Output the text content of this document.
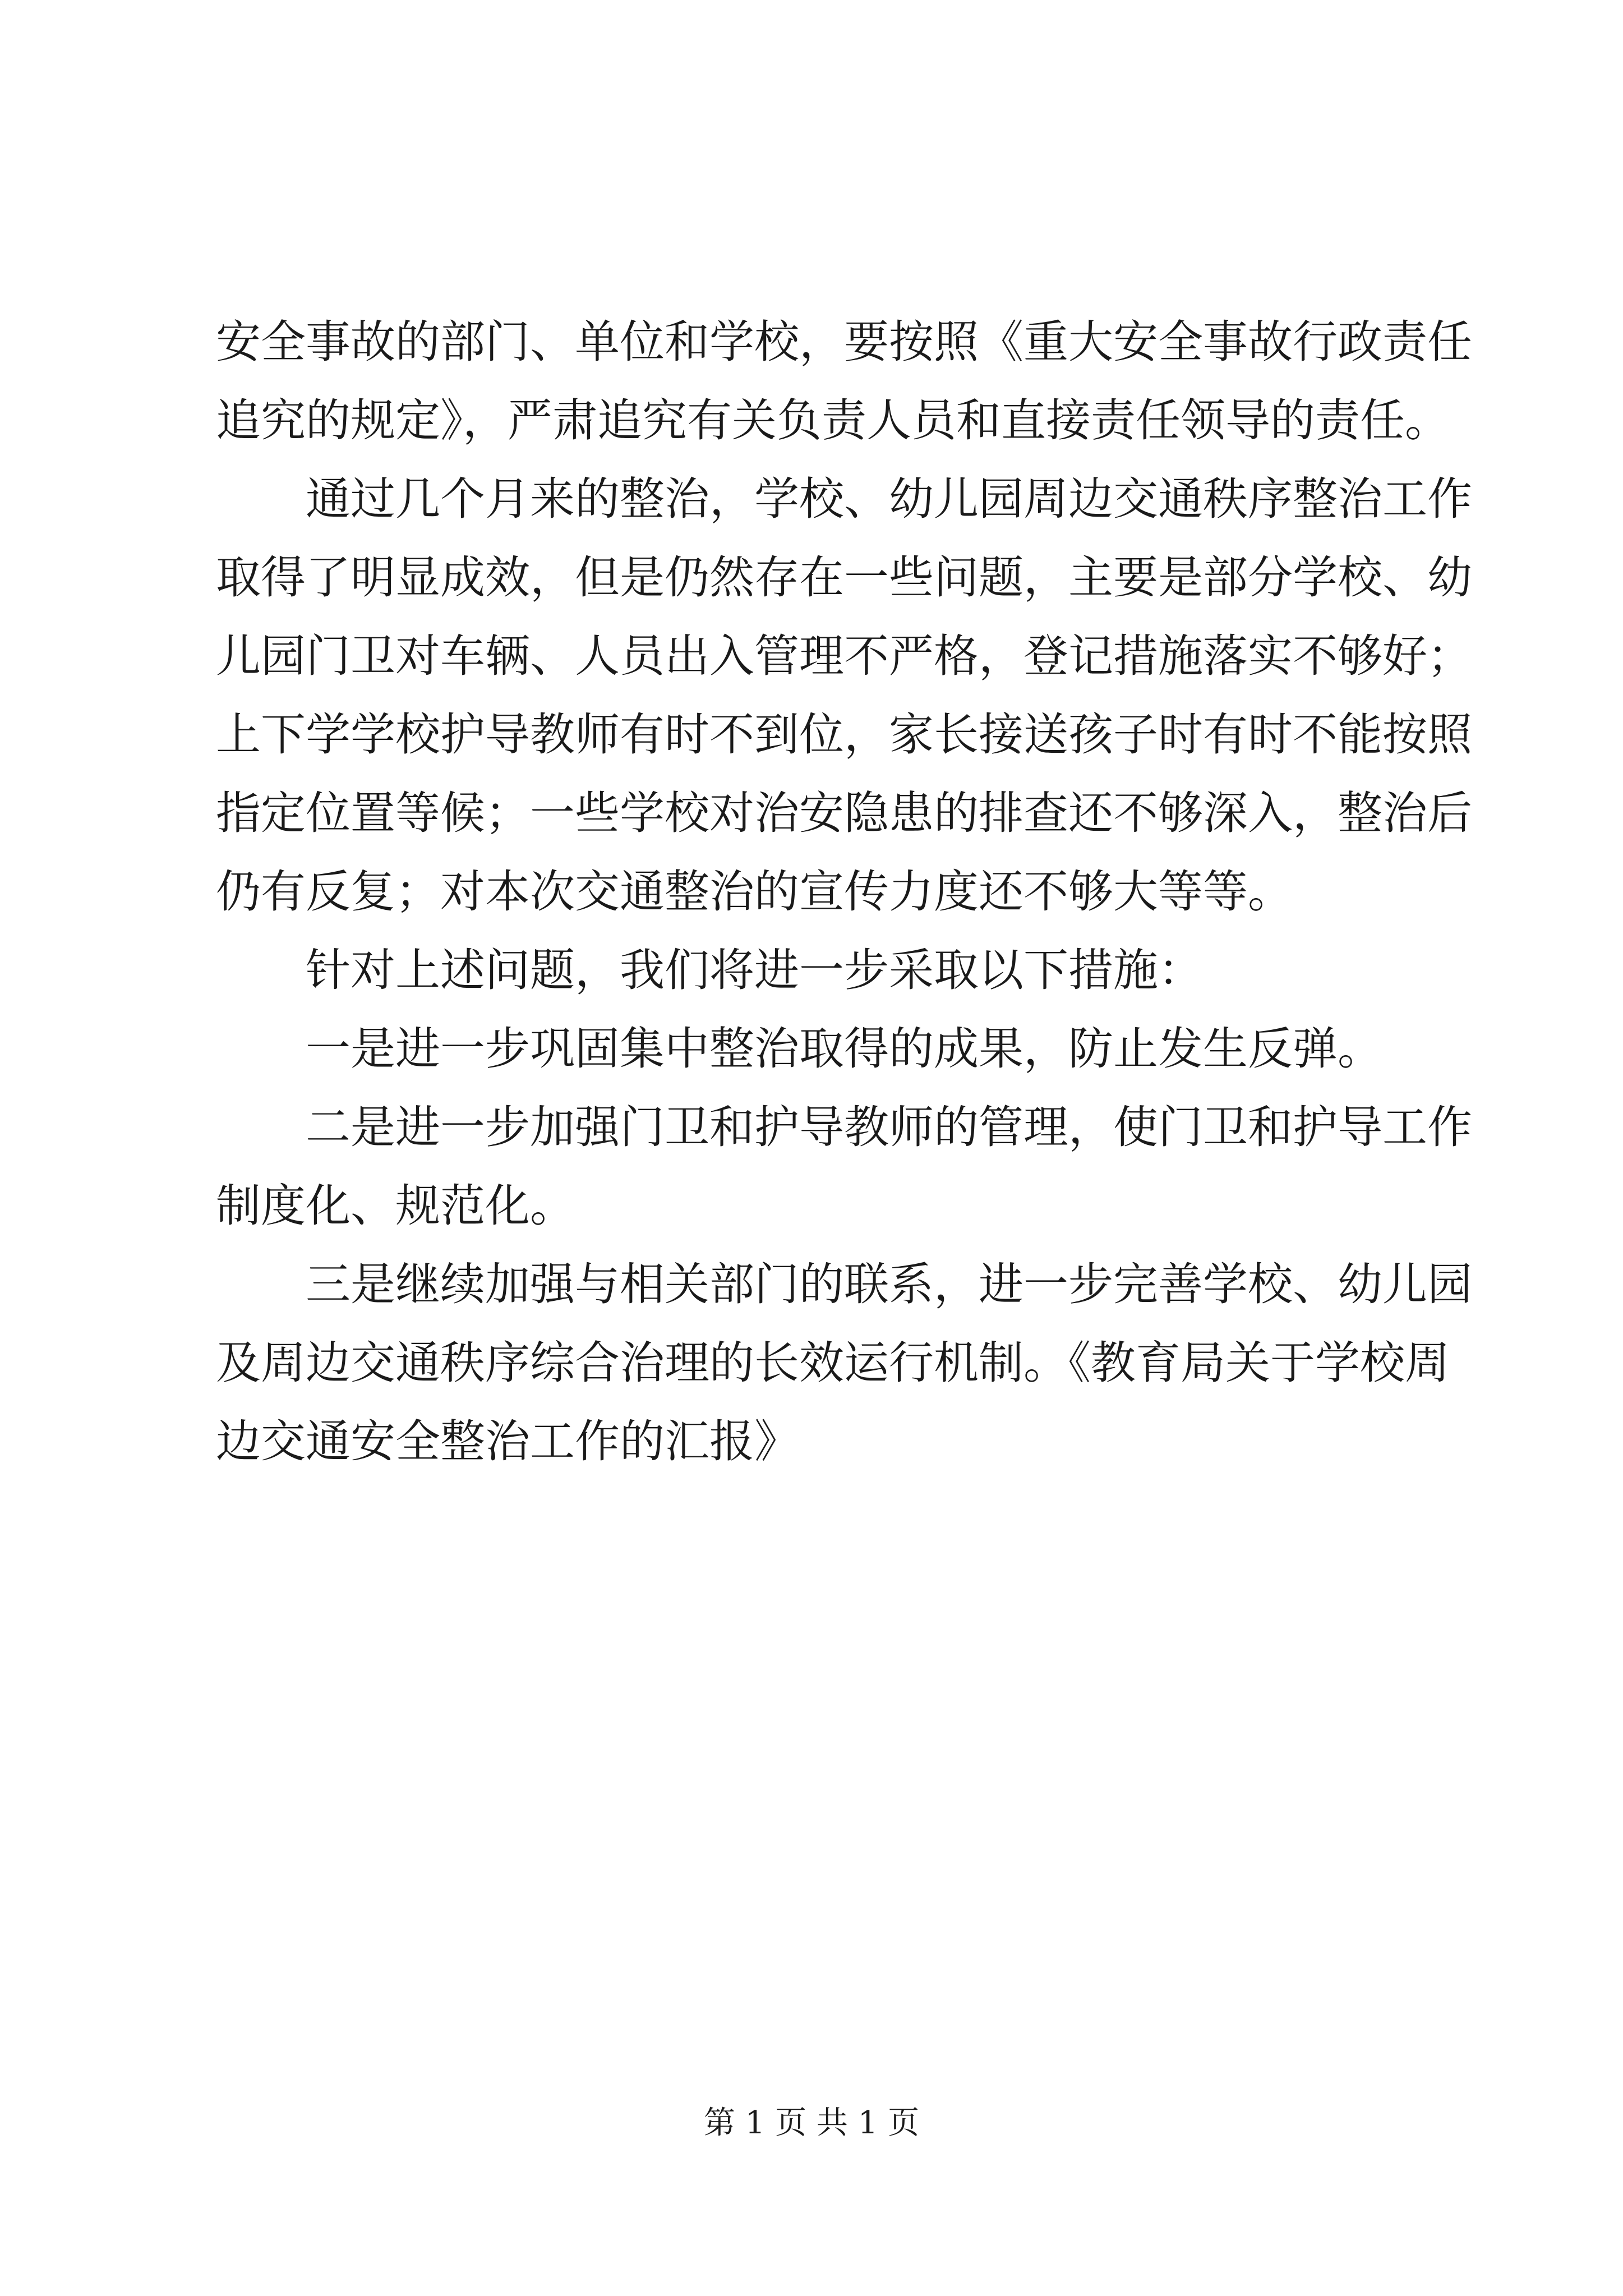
安全事故的部门、单位和学校，要按照《重大安全事故行政责任
追究的规定》，严肃追究有关负责人员和直接责任领导的责任。
通过几个月来的整治，学校、幼儿园周边交通秩序整治工作
取得了明显成效，但是仍然存在一些问题，主要是部分学校、幼
儿园门卫对车辆、人员出入管理不严格，登记措施落实不够好；
上下学学校护导教师有时不到位，家长接送孩子时有时不能按照
指定位置等候；一些学校对治安隐患的排查还不够深入，整治后
仍有反复；对本次交通整治的宣传力度还不够大等等。
针对上述问题，我们将进一步采取以下措施：
一是进一步巩固集中整治取得的成果，防止发生反弹。
二是进一步加强门卫和护导教师的管理，使门卫和护导工作
制度化、规范化。
三是继续加强与相关部门的联系，进一步完善学校、幼儿园
及周边交通秩序综合治理的长效运行机制。《教育局关于学校周
边交通安全整治工作的汇报》
第 1 页 共 1 页
